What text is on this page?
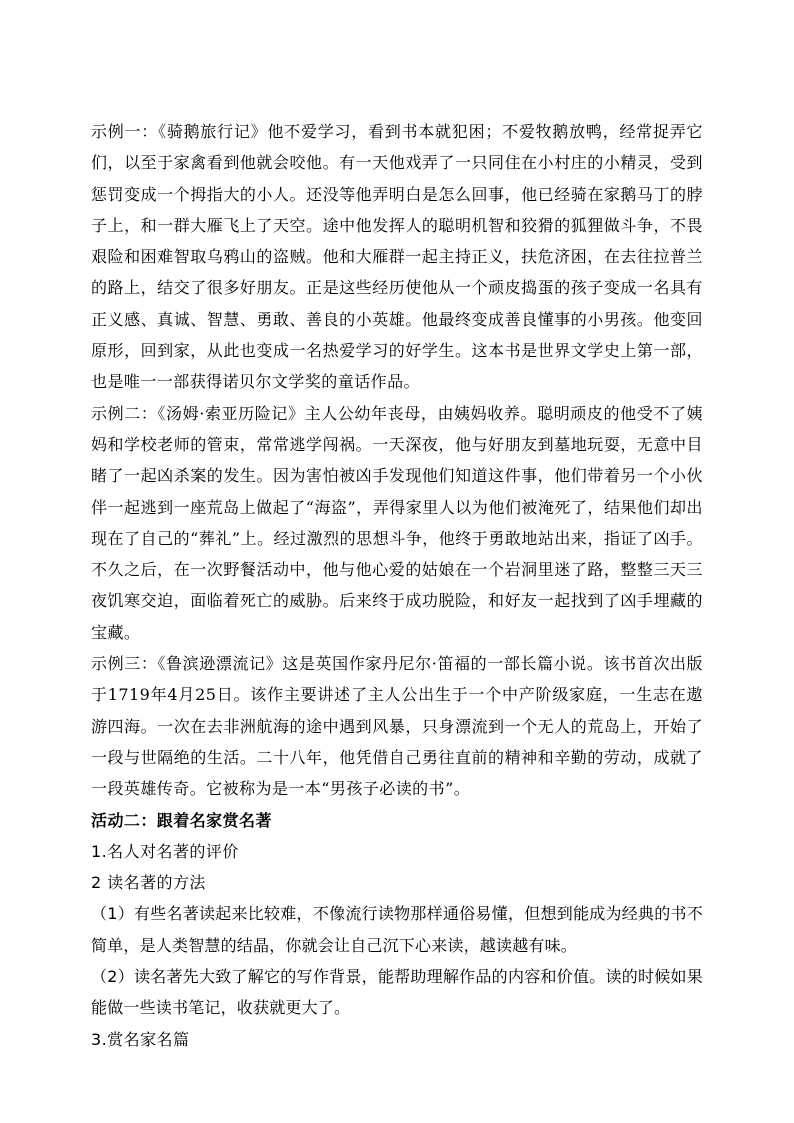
示例一：《骑鹅旅行记》他不爱学习，看到书本就犯困；不爱牧鹅放鸭，经常捉弄它们，以至于家禽看到他就会咬他。有一天他戏弄了一只同住在小村庄的小精灵，受到惩罚变成一个拇指大的小人。还没等他弄明白是怎么回事，他已经骑在家鹅马丁的脖子上，和一群大雁飞上了天空。途中他发挥人的聪明机智和狡猾的狐狸做斗争，不畏艰险和困难智取乌鸦山的盗贼。他和大雁群一起主持正义，扶危济困，在去往拉普兰的路上，结交了很多好朋友。正是这些经历使他从一个顽皮捣蛋的孩子变成一名具有正义感、真诚、智慧、勇敢、善良的小英雄。他最终变成善良懂事的小男孩。他变回原形，回到家，从此也变成一名热爱学习的好学生。这本书是世界文学史上第一部，也是唯一一部获得诺贝尔文学奖的童话作品。

示例二：《汤姆·索亚历险记》主人公幼年丧母，由姨妈收养。聪明顽皮的他受不了姨妈和学校老师的管束，常常逃学闯祸。一天深夜，他与好朋友到墓地玩耍，无意中目睹了一起凶杀案的发生。因为害怕被凶手发现他们知道这件事，他们带着另一个小伙伴一起逃到一座荒岛上做起了“海盗”，弄得家里人以为他们被淹死了，结果他们却出现在了自己的“葬礼”上。经过激烈的思想斗争，他终于勇敢地站出来，指证了凶手。不久之后，在一次野餐活动中，他与他心爱的姑娘在一个岩洞里迷了路，整整三天三夜饥寒交迫，面临着死亡的威胁。后来终于成功脱险，和好友一起找到了凶手埋藏的宝藏。

示例三：《鲁滨逊漂流记》这是英国作家丹尼尔·笛福的一部长篇小说。该书首次出版于1719年4月25日。该作主要讲述了主人公出生于一个中产阶级家庭，一生志在遨游四海。一次在去非洲航海的途中遇到风暴，只身漂流到一个无人的荒岛上，开始了一段与世隔绝的生活。二十八年，他凭借自己勇往直前的精神和辛勤的劳动，成就了一段英雄传奇。它被称为是一本“男孩子必读的书”。

活动二：跟着名家赏名著

1.名人对名著的评价

2 读名著的方法

（1）有些名著读起来比较难，不像流行读物那样通俗易懂，但想到能成为经典的书不简单，是人类智慧的结晶，你就会让自己沉下心来读，越读越有味。

（2）读名著先大致了解它的写作背景，能帮助理解作品的内容和价值。读的时候如果能做一些读书笔记，收获就更大了。

3.赏名家名篇
